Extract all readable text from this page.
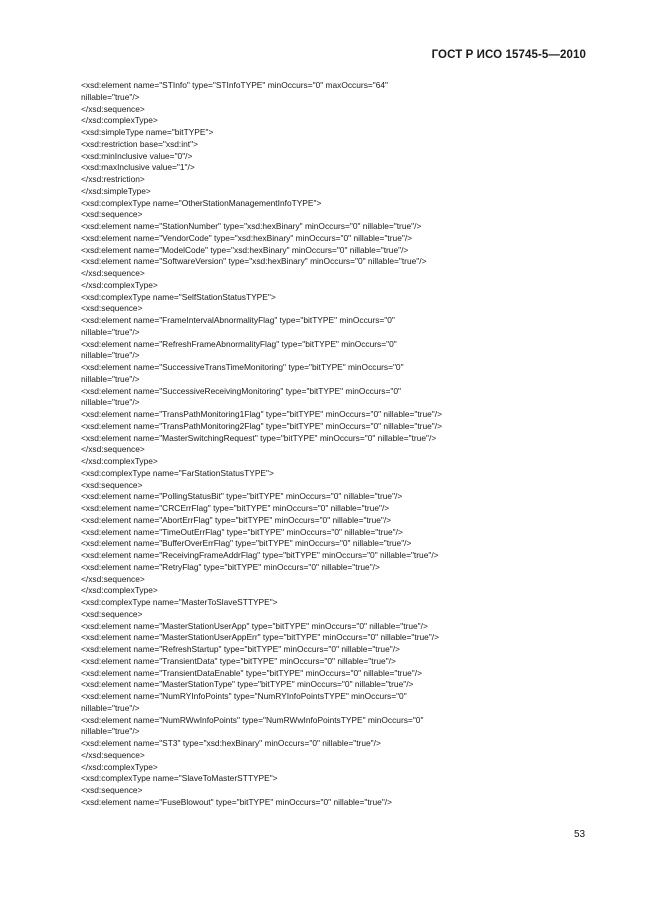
ГОСТ Р ИСО 15745-5—2010
<xsd:element name="STInfo" type="STInfoTYPE" minOccurs="0" maxOccurs="64"
nillable="true"/>
</xsd:sequence>
</xsd:complexType>
<xsd:simpleType name="bitTYPE">
<xsd:restriction base="xsd:int">
<xsd:minInclusive value="0"/>
<xsd:maxInclusive value="1"/>
</xsd:restriction>
</xsd:simpleType>
<xsd:complexType name="OtherStationManagementInfoTYPE">
<xsd:sequence>
<xsd:element name="StationNumber" type="xsd:hexBinary" minOccurs="0" nillable="true"/>
<xsd:element name="VendorCode" type="xsd:hexBinary" minOccurs="0" nillable="true"/>
<xsd:element name="ModelCode" type="xsd:hexBinary" minOccurs="0" nillable="true"/>
<xsd:element name="SoftwareVersion" type="xsd:hexBinary" minOccurs="0" nillable="true"/>
</xsd:sequence>
</xsd:complexType>
<xsd:complexType name="SelfStationStatusTYPE">
<xsd:sequence>
<xsd:element name="FrameIntervalAbnormalityFlag" type="bitTYPE" minOccurs="0"
nillable="true"/>
<xsd:element name="RefreshFrameAbnormalityFlag" type="bitTYPE" minOccurs="0"
nillable="true"/>
<xsd:element name="SuccessiveTransTimeMonitoring" type="bitTYPE" minOccurs="0"
nillable="true"/>
<xsd:element name="SuccessiveReceivingMonitoring" type="bitTYPE" minOccurs="0"
nillable="true"/>
<xsd:element name="TransPathMonitoring1Flag" type="bitTYPE" minOccurs="0" nillable="true"/>
<xsd:element name="TransPathMonitoring2Flag" type="bitTYPE" minOccurs="0" nillable="true"/>
<xsd:element name="MasterSwitchingRequest" type="bitTYPE" minOccurs="0" nillable="true"/>
</xsd:sequence>
</xsd:complexType>
<xsd:complexType name="FarStationStatusTYPE">
<xsd:sequence>
<xsd:element name="PollingStatusBit" type="bitTYPE" minOccurs="0" nillable="true"/>
<xsd:element name="CRCErrFlag" type="bitTYPE" minOccurs="0" nillable="true"/>
<xsd:element name="AbortErrFlag" type="bitTYPE" minOccurs="0" nillable="true"/>
<xsd:element name="TimeOutErrFlag" type="bitTYPE" minOccurs="0" nillable="true"/>
<xsd:element name="BufferOverErrFlag" type="bitTYPE" minOccurs="0" nillable="true"/>
<xsd:element name="ReceivingFrameAddrFlag" type="bitTYPE" minOccurs="0" nillable="true"/>
<xsd:element name="RetryFlag" type="bitTYPE" minOccurs="0" nillable="true"/>
</xsd:sequence>
</xsd:complexType>
<xsd:complexType name="MasterToSlaveSTTYPE">
<xsd:sequence>
<xsd:element name="MasterStationUserApp" type="bitTYPE" minOccurs="0" nillable="true"/>
<xsd:element name="MasterStationUserAppErr" type="bitTYPE" minOccurs="0" nillable="true"/>
<xsd:element name="RefreshStartup" type="bitTYPE" minOccurs="0" nillable="true"/>
<xsd:element name="TransientData" type="bitTYPE" minOccurs="0" nillable="true"/>
<xsd:element name="TransientDataEnable" type="bitTYPE" minOccurs="0" nillable="true"/>
<xsd:element name="MasterStationType" type="bitTYPE" minOccurs="0" nillable="true"/>
<xsd:element name="NumRYInfoPoints" type="NumRYInfoPointsTYPE" minOccurs="0"
nillable="true"/>
<xsd:element name="NumRWwInfoPoints" type="NumRWwInfoPointsTYPE" minOccurs="0"
nillable="true"/>
<xsd:element name="ST3" type="xsd:hexBinary" minOccurs="0" nillable="true"/>
</xsd:sequence>
</xsd:complexType>
<xsd:complexType name="SlaveToMasterSTTYPE">
<xsd:sequence>
<xsd:element name="FuseBlowout" type="bitTYPE" minOccurs="0" nillable="true"/>
53
